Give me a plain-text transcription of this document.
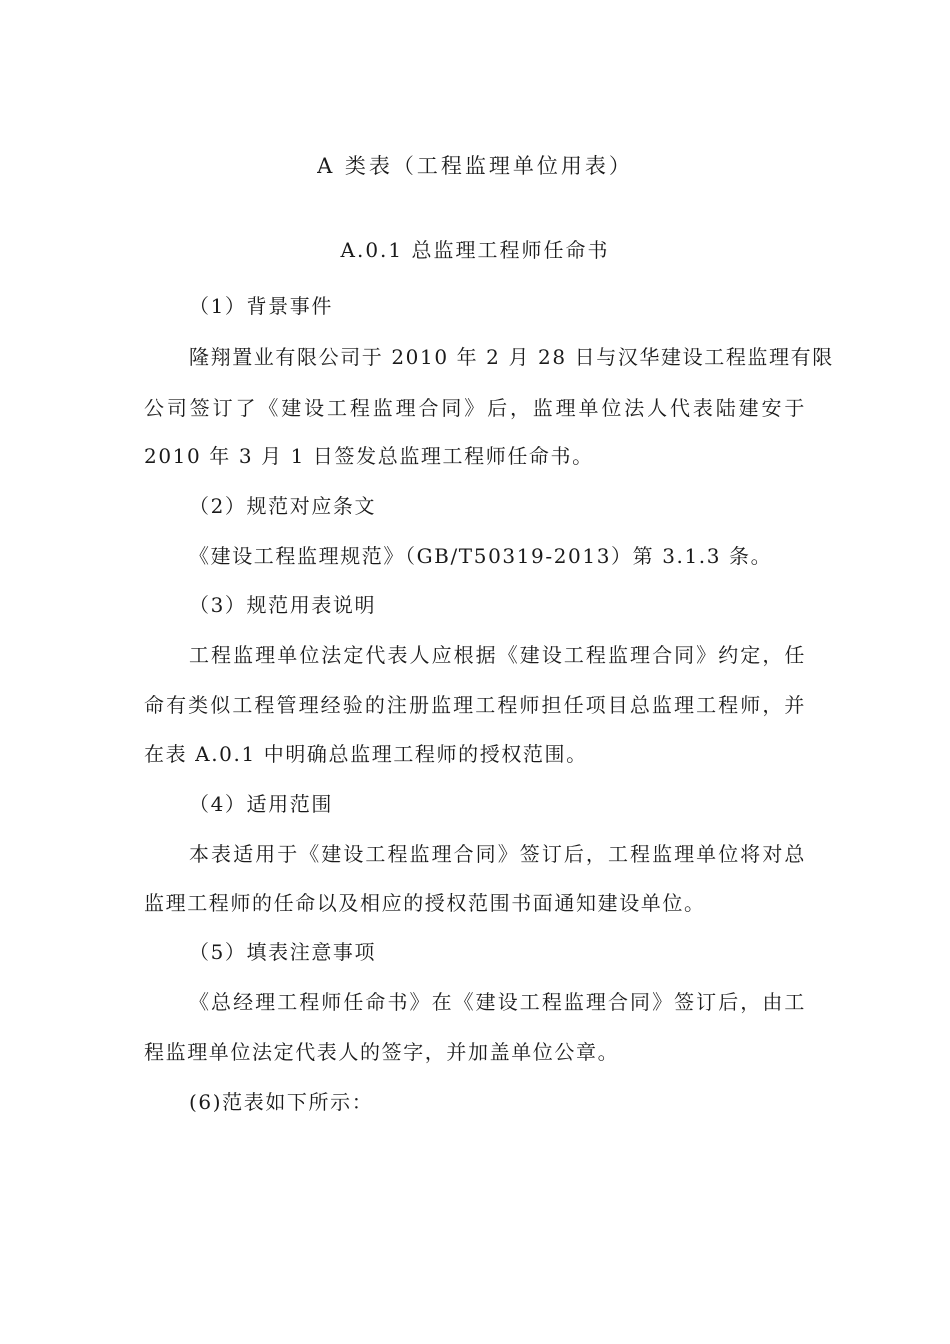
A 类表（工程监理单位用表）
A.0.1 总监理工程师任命书
（1）背景事件
隆翔置业有限公司于 2010 年 2 月 28 日与汉华建设工程监理有限
公司签订了《建设工程监理合同》后，监理单位法人代表陆建安于
2010 年 3 月 1 日签发总监理工程师任命书。
（2）规范对应条文
《建设工程监理规范》（GB/T50319-2013）第 3.1.3 条。
（3）规范用表说明
工程监理单位法定代表人应根据《建设工程监理合同》约定，任
命有类似工程管理经验的注册监理工程师担任项目总监理工程师，并
在表 A.0.1 中明确总监理工程师的授权范围。
（4）适用范围
本表适用于《建设工程监理合同》签订后，工程监理单位将对总
监理工程师的任命以及相应的授权范围书面通知建设单位。
（5）填表注意事项
《总经理工程师任命书》在《建设工程监理合同》签订后，由工
程监理单位法定代表人的签字，并加盖单位公章。
(6)范表如下所示：
